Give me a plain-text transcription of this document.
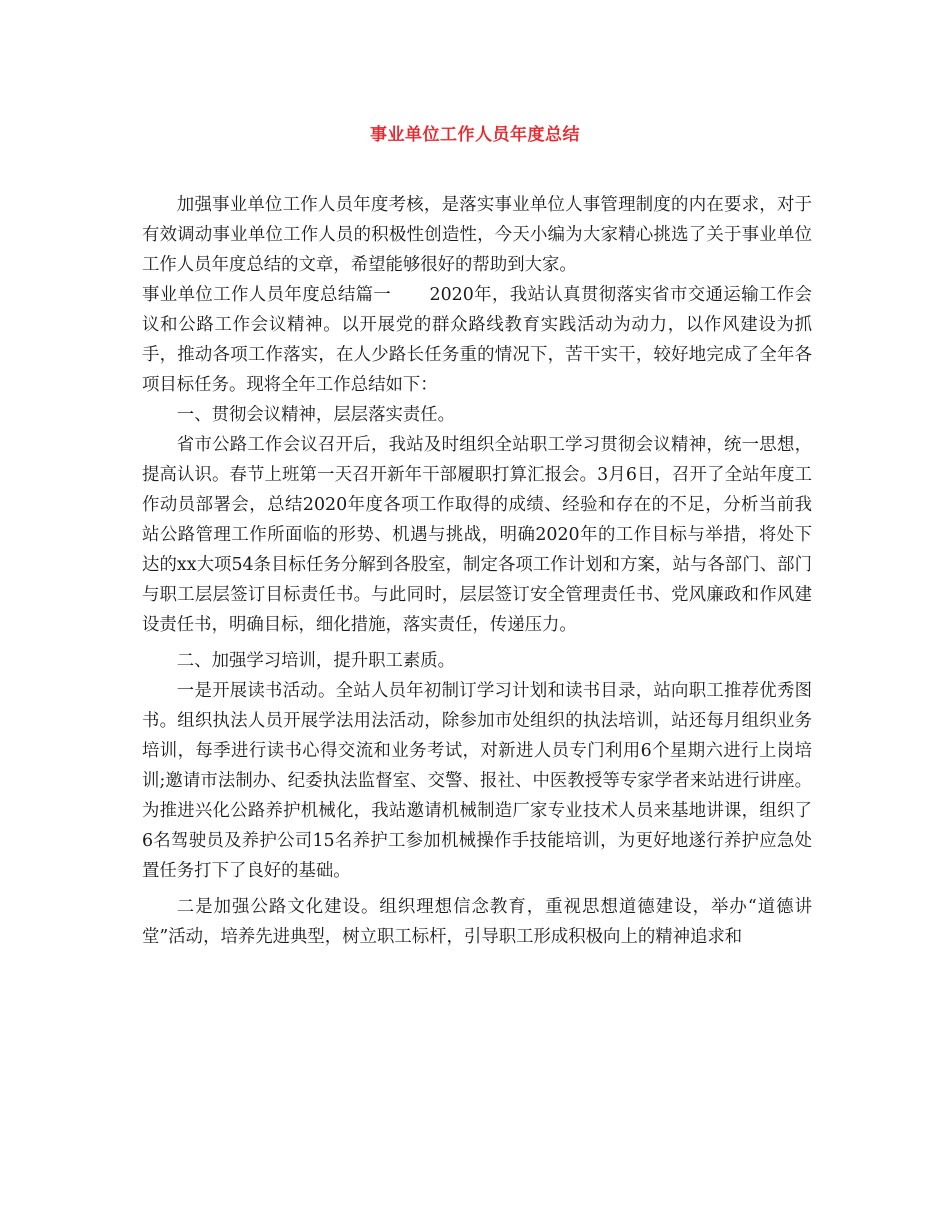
事业单位工作人员年度总结

加强事业单位工作人员年度考核，是落实事业单位人事管理制度的内在要求，对于有效调动事业单位工作人员的积极性创造性，今天小编为大家精心挑选了关于事业单位工作人员年度总结的文章，希望能够很好的帮助到大家。

事业单位工作人员年度总结篇一 2020年，我站认真贯彻落实省市交通运输工作会议和公路工作会议精神。以开展党的群众路线教育实践活动为动力，以作风建设为抓手，推动各项工作落实，在人少路长任务重的情况下，苦干实干，较好地完成了全年各项目标任务。现将全年工作总结如下：

一、贯彻会议精神，层层落实责任。

省市公路工作会议召开后，我站及时组织全站职工学习贯彻会议精神，统一思想，提高认识。春节上班第一天召开新年干部履职打算汇报会。3月6日，召开了全站年度工作动员部署会，总结2020年度各项工作取得的成绩、经验和存在的不足，分析当前我站公路管理工作所面临的形势、机遇与挑战，明确2020年的工作目标与举措，将处下达的xx大项54条目标任务分解到各股室，制定各项工作计划和方案，站与各部门、部门与职工层层签订目标责任书。与此同时，层层签订安全管理责任书、党风廉政和作风建设责任书，明确目标，细化措施，落实责任，传递压力。

二、加强学习培训，提升职工素质。

一是开展读书活动。全站人员年初制订学习计划和读书目录，站向职工推荐优秀图书。组织执法人员开展学法用法活动，除参加市处组织的执法培训，站还每月组织业务培训，每季进行读书心得交流和业务考试，对新进人员专门利用6个星期六进行上岗培训;邀请市法制办、纪委执法监督室、交警、报社、中医教授等专家学者来站进行讲座。为推进兴化公路养护机械化，我站邀请机械制造厂家专业技术人员来基地讲课，组织了6名驾驶员及养护公司15名养护工参加机械操作手技能培训，为更好地遂行养护应急处置任务打下了良好的基础。

二是加强公路文化建设。组织理想信念教育，重视思想道德建设，举办“道德讲堂”活动，培养先进典型，树立职工标杆，引导职工形成积极向上的精神追求和
